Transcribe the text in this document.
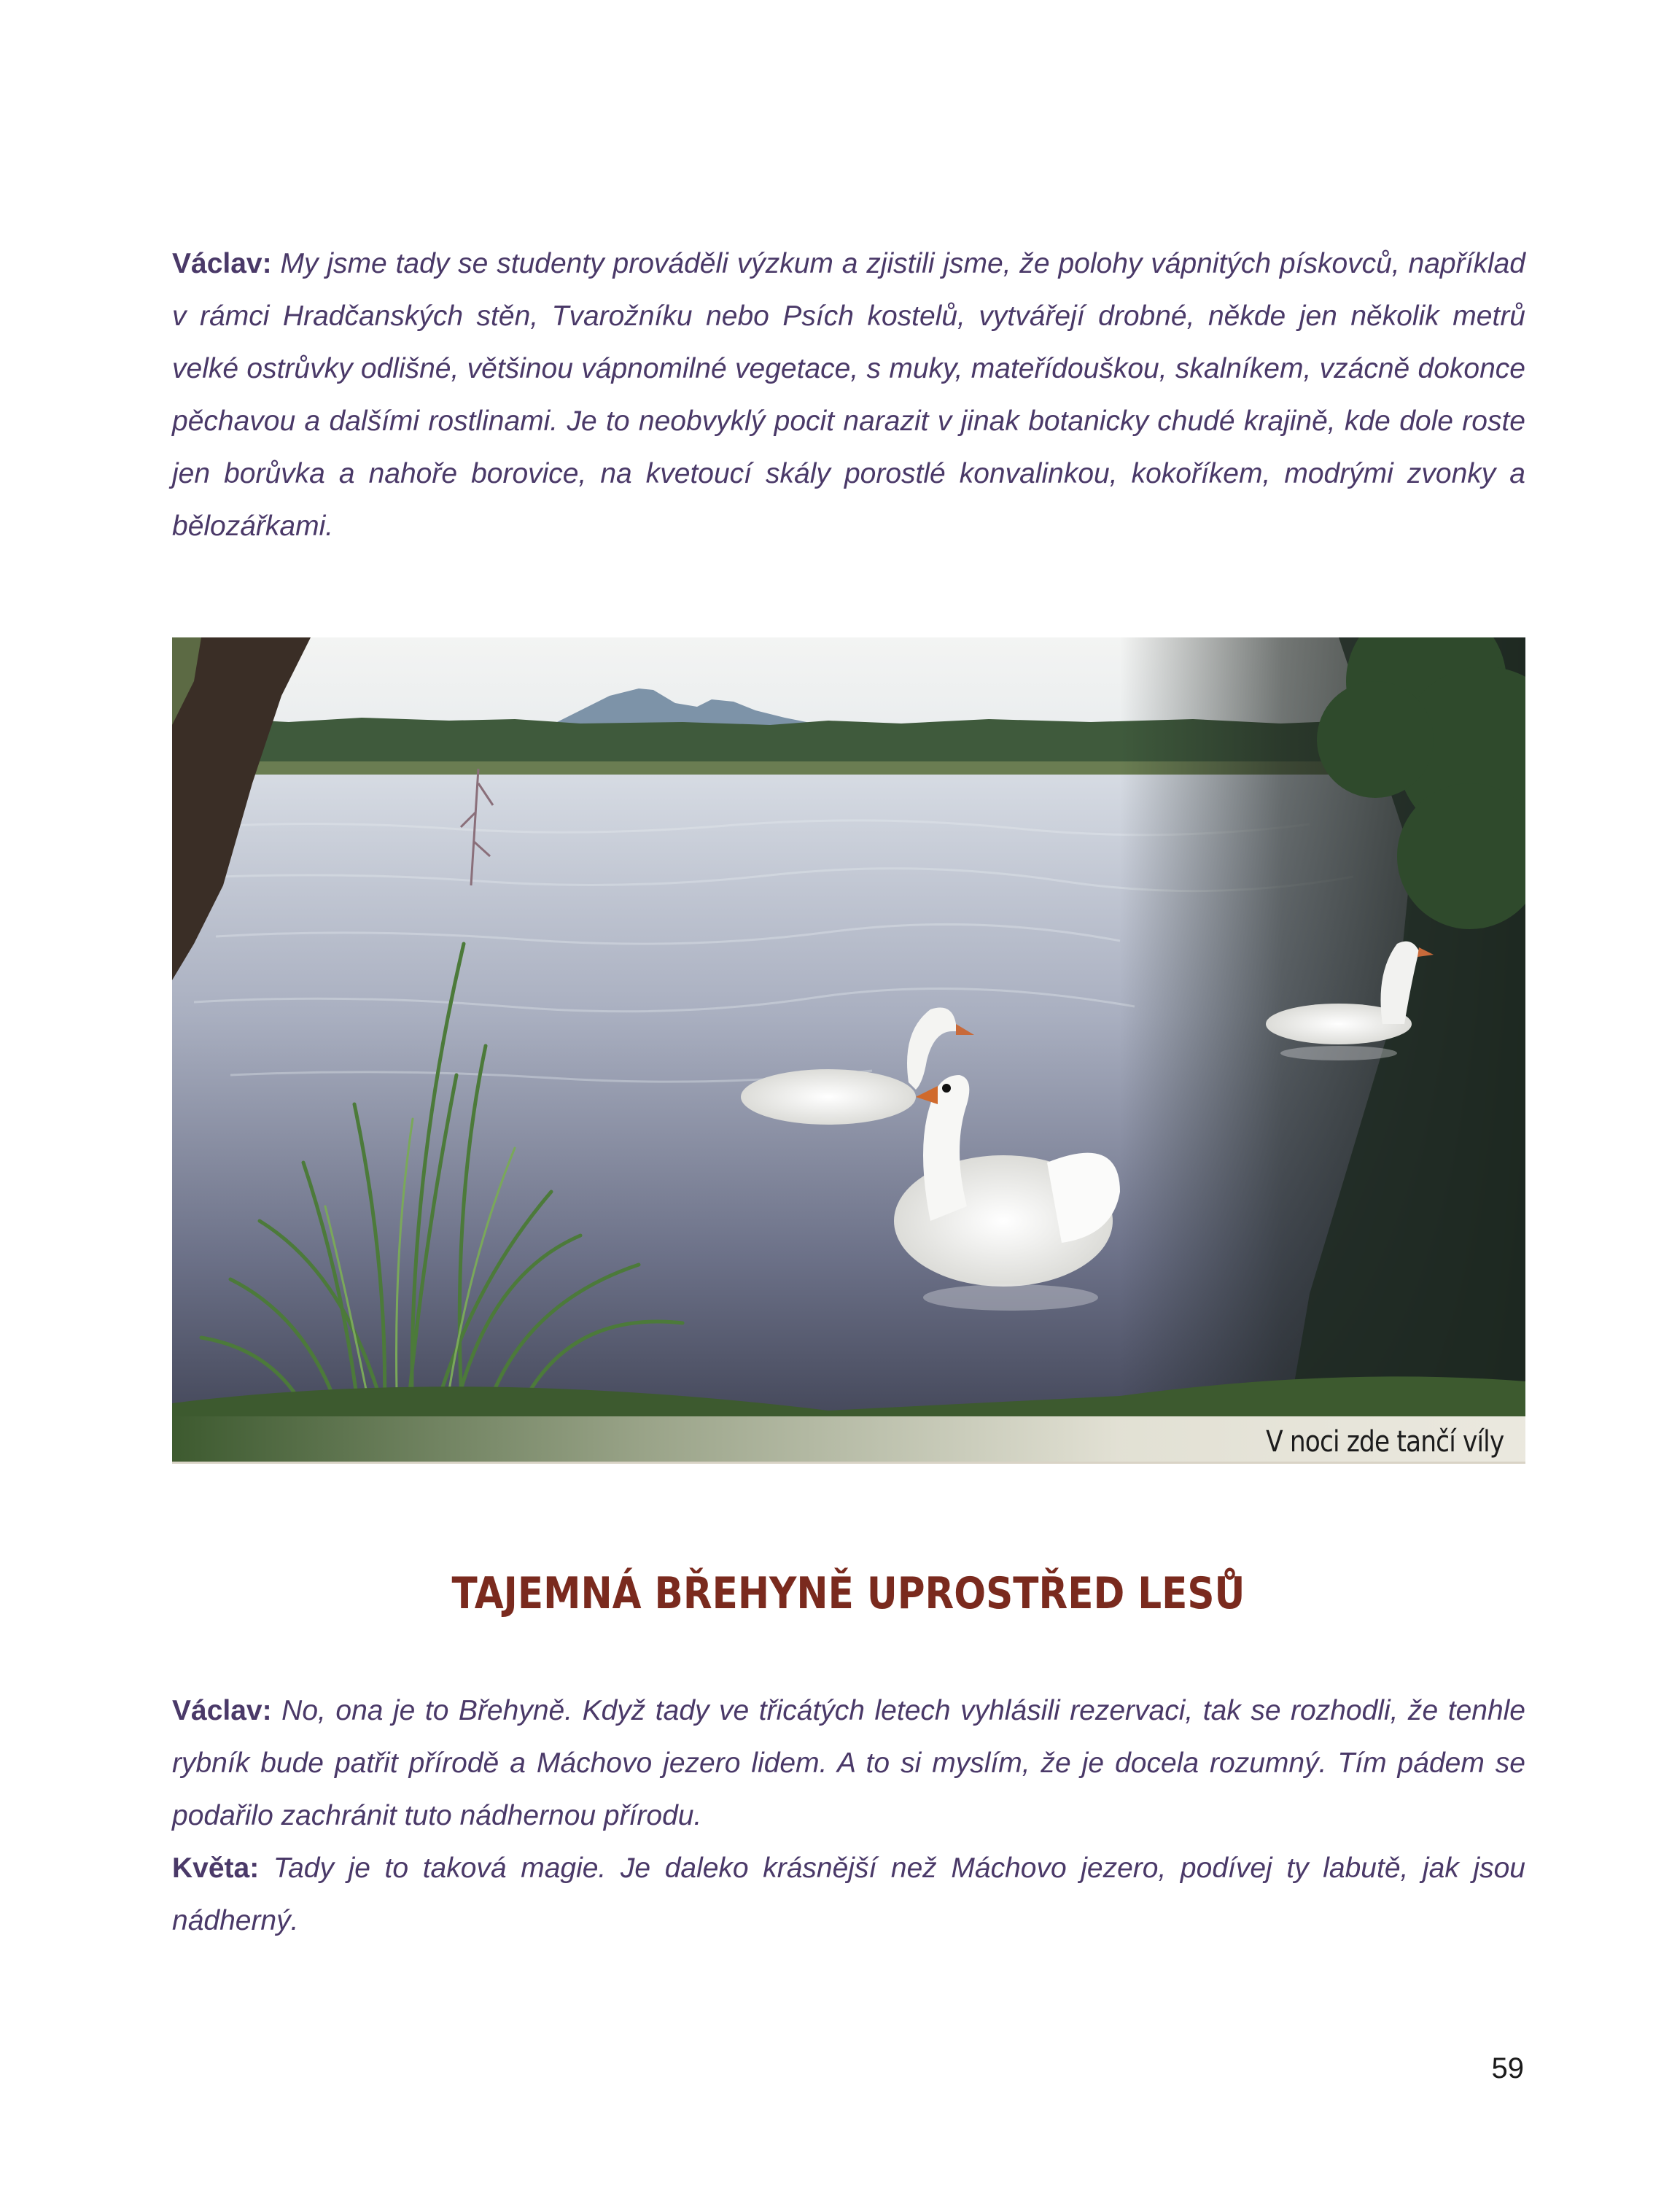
Václav: My jsme tady se studenty prováděli výzkum a zjistili jsme, že polohy vápnitých pískovců, například v rámci Hradčanských stěn, Tvarožníku nebo Psích kostelů, vytvářejí drobné, někde jen několik metrů velké ostrůvky odlišné, většinou vápnomilné vegetace, s muky, mateřídouškou, skalníkem, vzácně dokonce pěchavou a dalšími rostlinami. Je to neobvyklý pocit narazit v jinak botanicky chudé krajině, kde dole roste jen borůvka a nahoře borovice, na kvetoucí skály porostlé konvalinkou, kokoříkem, modrými zvonky a bělozářkami.

V noci zde tančí víly
TAJEMNÁ BŘEHYNĚ UPROSTŘED LESŮ

Václav: No, ona je to Břehyně. Když tady ve třicátých letech vyhlásili rezervaci, tak se rozhodli, že tenhle rybník bude patřit přírodě a Máchovo jezero lidem. A to si myslím, že je docela rozumný. Tím pádem se podařilo zachránit tuto nádhernou přírodu.

Květa: Tady je to taková magie. Je daleko krásnější než Máchovo jezero, podívej ty labutě, jak jsou nádherný.

59
